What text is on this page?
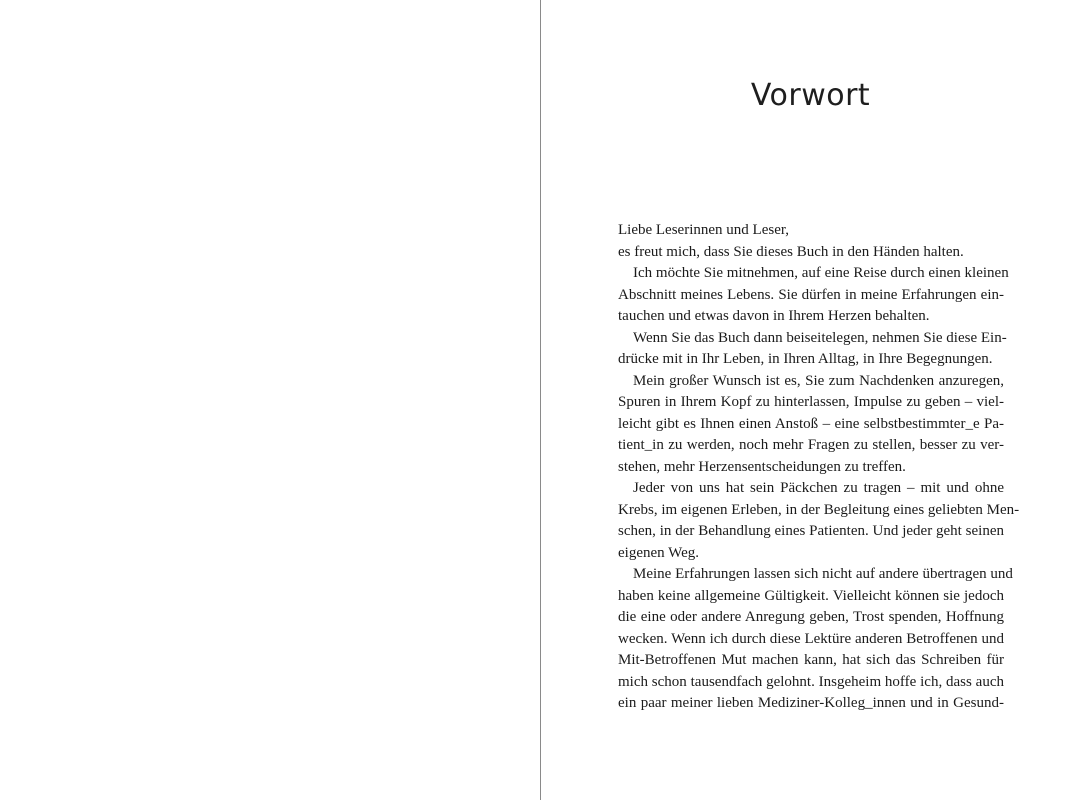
Vorwort
Liebe Leserinnen und Leser,
es freut mich, dass Sie dieses Buch in den Händen halten.
Ich möchte Sie mitnehmen, auf eine Reise durch einen kleinen
Abschnitt meines Lebens. Sie dürfen in meine Erfahrungen ein-
tauchen und etwas davon in Ihrem Herzen behalten.
Wenn Sie das Buch dann beiseitelegen, nehmen Sie diese Ein-
drücke mit in Ihr Leben, in Ihren Alltag, in Ihre Begegnungen.
Mein großer Wunsch ist es, Sie zum Nachdenken anzuregen,
Spuren in Ihrem Kopf zu hinterlassen, Impulse zu geben – viel-
leicht gibt es Ihnen einen Anstoß – eine selbstbestimmter_e Pa-
tient_in zu werden, noch mehr Fragen zu stellen, besser zu ver-
stehen, mehr Herzensentscheidungen zu treffen.
Jeder von uns hat sein Päckchen zu tragen – mit und ohne
Krebs, im eigenen Erleben, in der Begleitung eines geliebten Men-
schen, in der Behandlung eines Patienten. Und jeder geht seinen
eigenen Weg.
Meine Erfahrungen lassen sich nicht auf andere übertragen und
haben keine allgemeine Gültigkeit. Vielleicht können sie jedoch
die eine oder andere Anregung geben, Trost spenden, Hoffnung
wecken. Wenn ich durch diese Lektüre anderen Betroffenen und
Mit-Betroffenen Mut machen kann, hat sich das Schreiben für
mich schon tausendfach gelohnt. Insgeheim hoffe ich, dass auch
ein paar meiner lieben Mediziner-Kolleg_innen und in Gesund-
